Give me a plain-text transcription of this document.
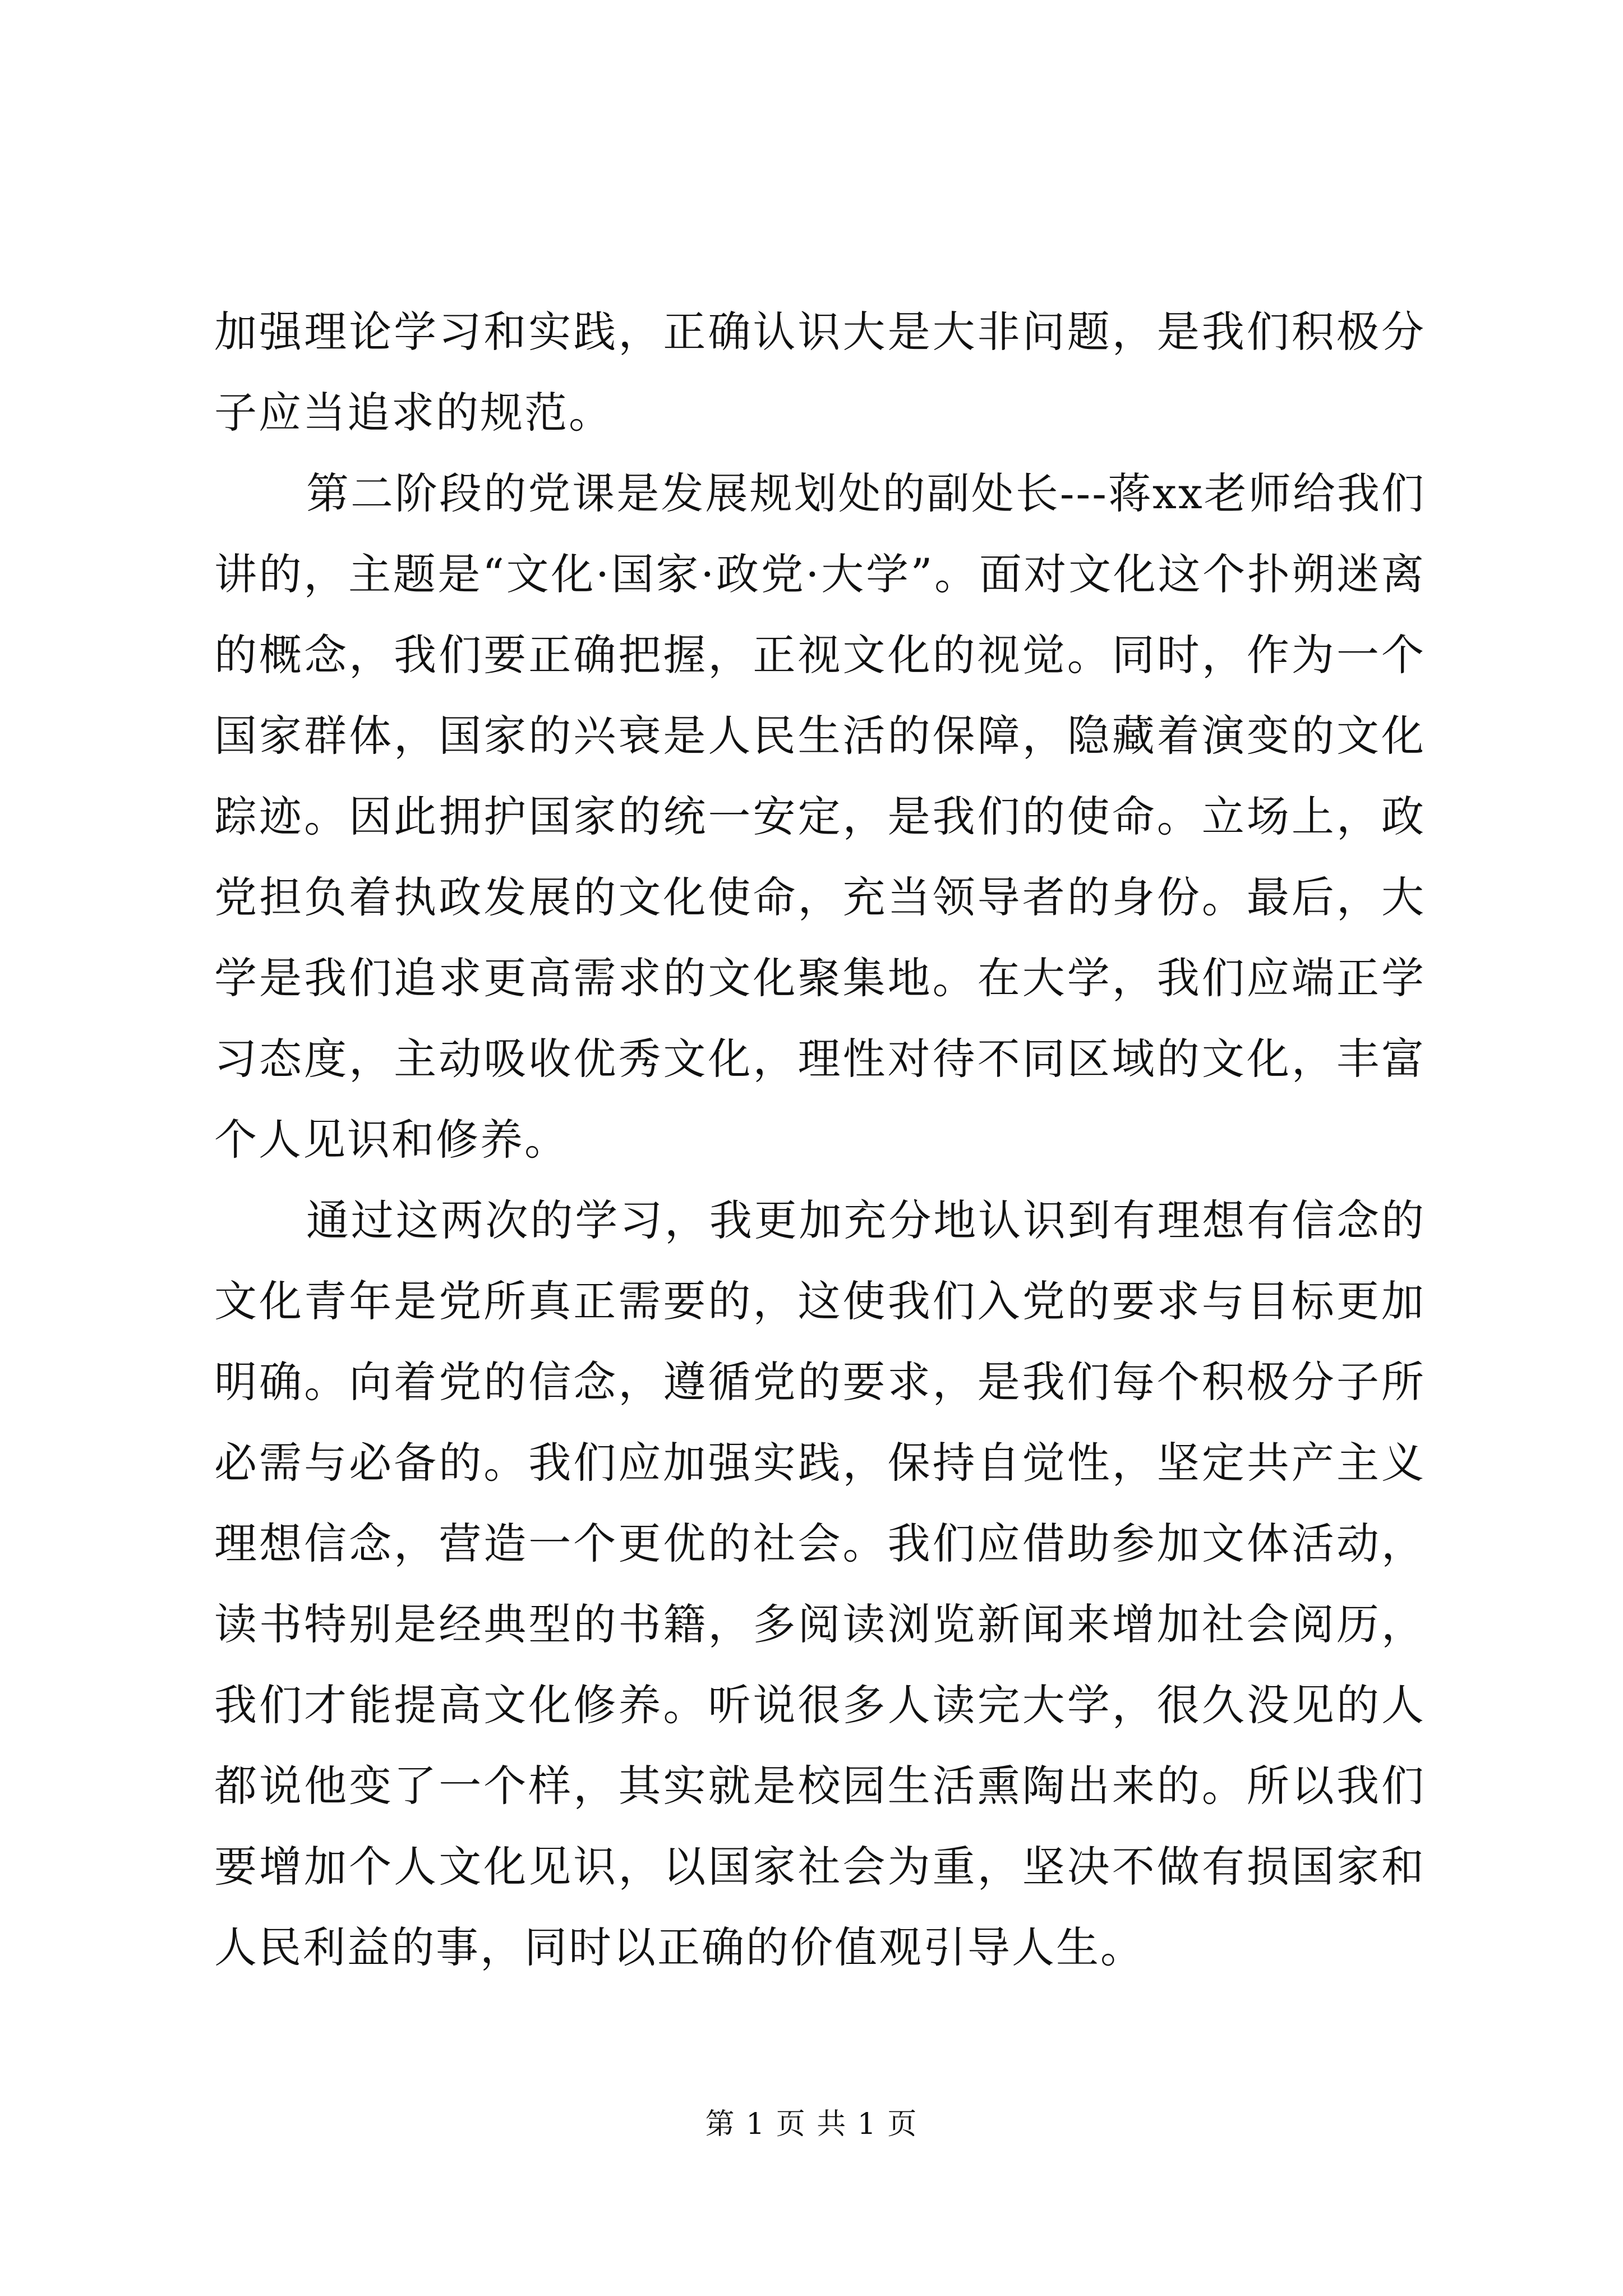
加强理论学习和实践，正确认识大是大非问题，是我们积极分子应当追求的规范。

第二阶段的党课是发展规划处的副处长---蒋xx老师给我们讲的，主题是“文化·国家·政党·大学”。面对文化这个扑朔迷离的概念，我们要正确把握，正视文化的视觉。同时，作为一个国家群体，国家的兴衰是人民生活的保障，隐藏着演变的文化踪迹。因此拥护国家的统一安定，是我们的使命。立场上，政党担负着执政发展的文化使命，充当领导者的身份。最后，大学是我们追求更高需求的文化聚集地。在大学，我们应端正学习态度，主动吸收优秀文化，理性对待不同区域的文化，丰富个人见识和修养。

通过这两次的学习，我更加充分地认识到有理想有信念的文化青年是党所真正需要的，这使我们入党的要求与目标更加明确。向着党的信念，遵循党的要求，是我们每个积极分子所必需与必备的。我们应加强实践，保持自觉性，坚定共产主义理想信念，营造一个更优的社会。我们应借助参加文体活动，读书特别是经典型的书籍，多阅读浏览新闻来增加社会阅历，我们才能提高文化修养。听说很多人读完大学，很久没见的人都说他变了一个样，其实就是校园生活熏陶出来的。所以我们要增加个人文化见识，以国家社会为重，坚决不做有损国家和人民利益的事，同时以正确的价值观引导人生。

第 1 页 共 1 页
